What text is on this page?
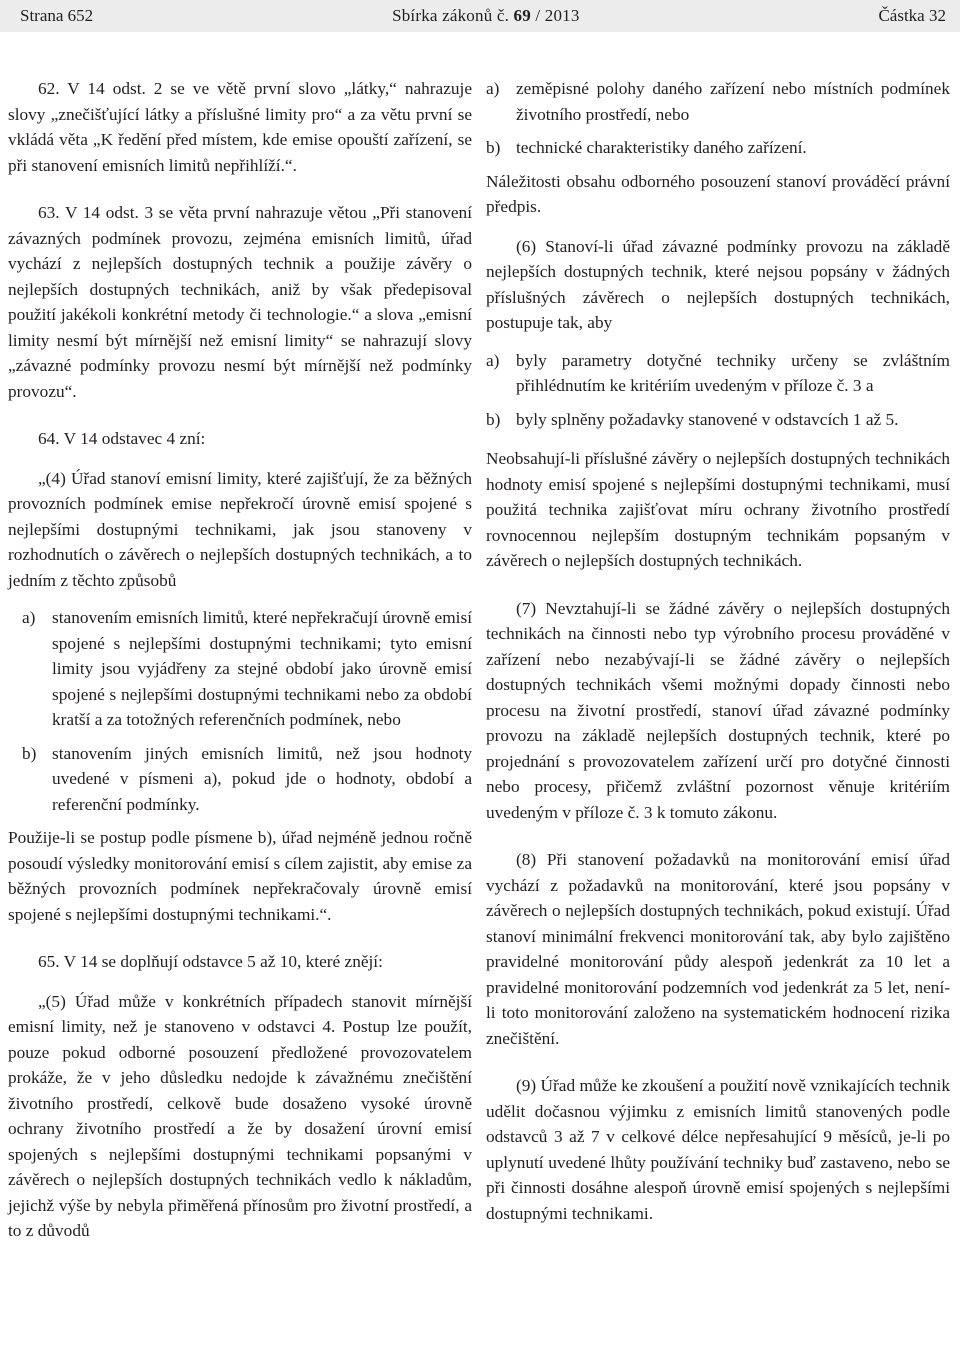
Strana 652	Sbírka zákonů č. 69 / 2013	Částka 32

62. V 14 odst. 2 se ve větě první slovo „látky,“ nahrazuje slovy „znečišťující látky a příslušné limity pro“ a za větu první se vkládá věta „K ředění před místem, kde emise opouští zařízení, se při stanovení emisních limitů nepřihlíží.“.

63. V 14 odst. 3 se věta první nahrazuje větou „Při stanovení závazných podmínek provozu, zejména emisních limitů, úřad vychází z nejlepších dostupných technik a použije závěry o nejlepších dostupných technikách, aniž by však předepisoval použití jakékoli konkrétní metody či technologie.“ a slova „emisní limity nesmí být mírnější než emisní limity“ se nahrazují slovy „závazné podmínky provozu nesmí být mírnější než podmínky provozu“.

64. V 14 odstavec 4 zní:

„(4) Úřad stanoví emisní limity, které zajišťují, že za běžných provozních podmínek emise nepřekročí úrovně emisí spojené s nejlepšími dostupnými technikami, jak jsou stanoveny v rozhodnutích o závěrech o nejlepších dostupných technikách, a to jedním z těchto způsobů

a) stanovením emisních limitů, které nepřekračují úrovně emisí spojené s nejlepšími dostupnými technikami; tyto emisní limity jsou vyjádřeny za stejné období jako úrovně emisí spojené s nejlepšími dostupnými technikami nebo za období kratší a za totožných referenčních podmínek, nebo
b) stanovením jiných emisních limitů, než jsou hodnoty uvedené v písmeni a), pokud jde o hodnoty, období a referenční podmínky.

Použije-li se postup podle písmene b), úřad nejméně jednou ročně posoudí výsledky monitorování emisí s cílem zajistit, aby emise za běžných provozních podmínek nepřekračovaly úrovně emisí spojené s nejlepšími dostupnými technikami.“.

65. V 14 se doplňují odstavce 5 až 10, které znějí:

„(5) Úřad může v konkrétních případech stanovit mírnější emisní limity, než je stanoveno v odstavci 4. Postup lze použít, pouze pokud odborné posouzení předložené provozovatelem prokáže, že v jeho důsledku nedojde k závažnému znečištění životního prostředí, celkově bude dosaženo vysoké úrovně ochrany životního prostředí a že by dosažení úrovní emisí spojených s nejlepšími dostupnými technikami popsanými v závěrech o nejlepších dostupných technikách vedlo k nákladům, jejichž výše by nebyla přiměřená přínosům pro životní prostředí, a to z důvodů

a) zeměpisné polohy daného zařízení nebo místních podmínek životního prostředí, nebo
b) technické charakteristiky daného zařízení.

Náležitosti obsahu odborného posouzení stanoví prováděcí právní předpis.

(6) Stanoví-li úřad závazné podmínky provozu na základě nejlepších dostupných technik, které nejsou popsány v žádných příslušných závěrech o nejlepších dostupných technikách, postupuje tak, aby

a) byly parametry dotyčné techniky určeny se zvláštním přihlédnutím ke kritériím uvedeným v příloze č. 3 a
b) byly splněny požadavky stanovené v odstavcích 1 až 5.

Neobsahují-li příslušné závěry o nejlepších dostupných technikách hodnoty emisí spojené s nejlepšími dostupnými technikami, musí použitá technika zajišťovat míru ochrany životního prostředí rovnocennou nejlepším dostupným technikám popsaným v závěrech o nejlepších dostupných technikách.

(7) Nevztahují-li se žádné závěry o nejlepších dostupných technikách na činnosti nebo typ výrobního procesu prováděné v zařízení nebo nezabývají-li se žádné závěry o nejlepších dostupných technikách všemi možnými dopady činnosti nebo procesu na životní prostředí, stanoví úřad závazné podmínky provozu na základě nejlepších dostupných technik, které po projednání s provozovatelem zařízení určí pro dotyčné činnosti nebo procesy, přičemž zvláštní pozornost věnuje kritériím uvedeným v příloze č. 3 k tomuto zákonu.

(8) Při stanovení požadavků na monitorování emisí úřad vychází z požadavků na monitorování, které jsou popsány v závěrech o nejlepších dostupných technikách, pokud existují. Úřad stanoví minimální frekvenci monitorování tak, aby bylo zajištěno pravidelné monitorování půdy alespoň jedenkrát za 10 let a pravidelné monitorování podzemních vod jedenkrát za 5 let, není-li toto monitorování založeno na systematickém hodnocení rizika znečištění.

(9) Úřad může ke zkoušení a použití nově vznikajících technik udělit dočasnou výjimku z emisních limitů stanovených podle odstavců 3 až 7 v celkové délce nepřesahující 9 měsíců, je-li po uplynutí uvedené lhůty používání techniky buď zastaveno, nebo se při činnosti dosáhne alespoň úrovně emisí spojených s nejlepšími dostupnými technikami.
